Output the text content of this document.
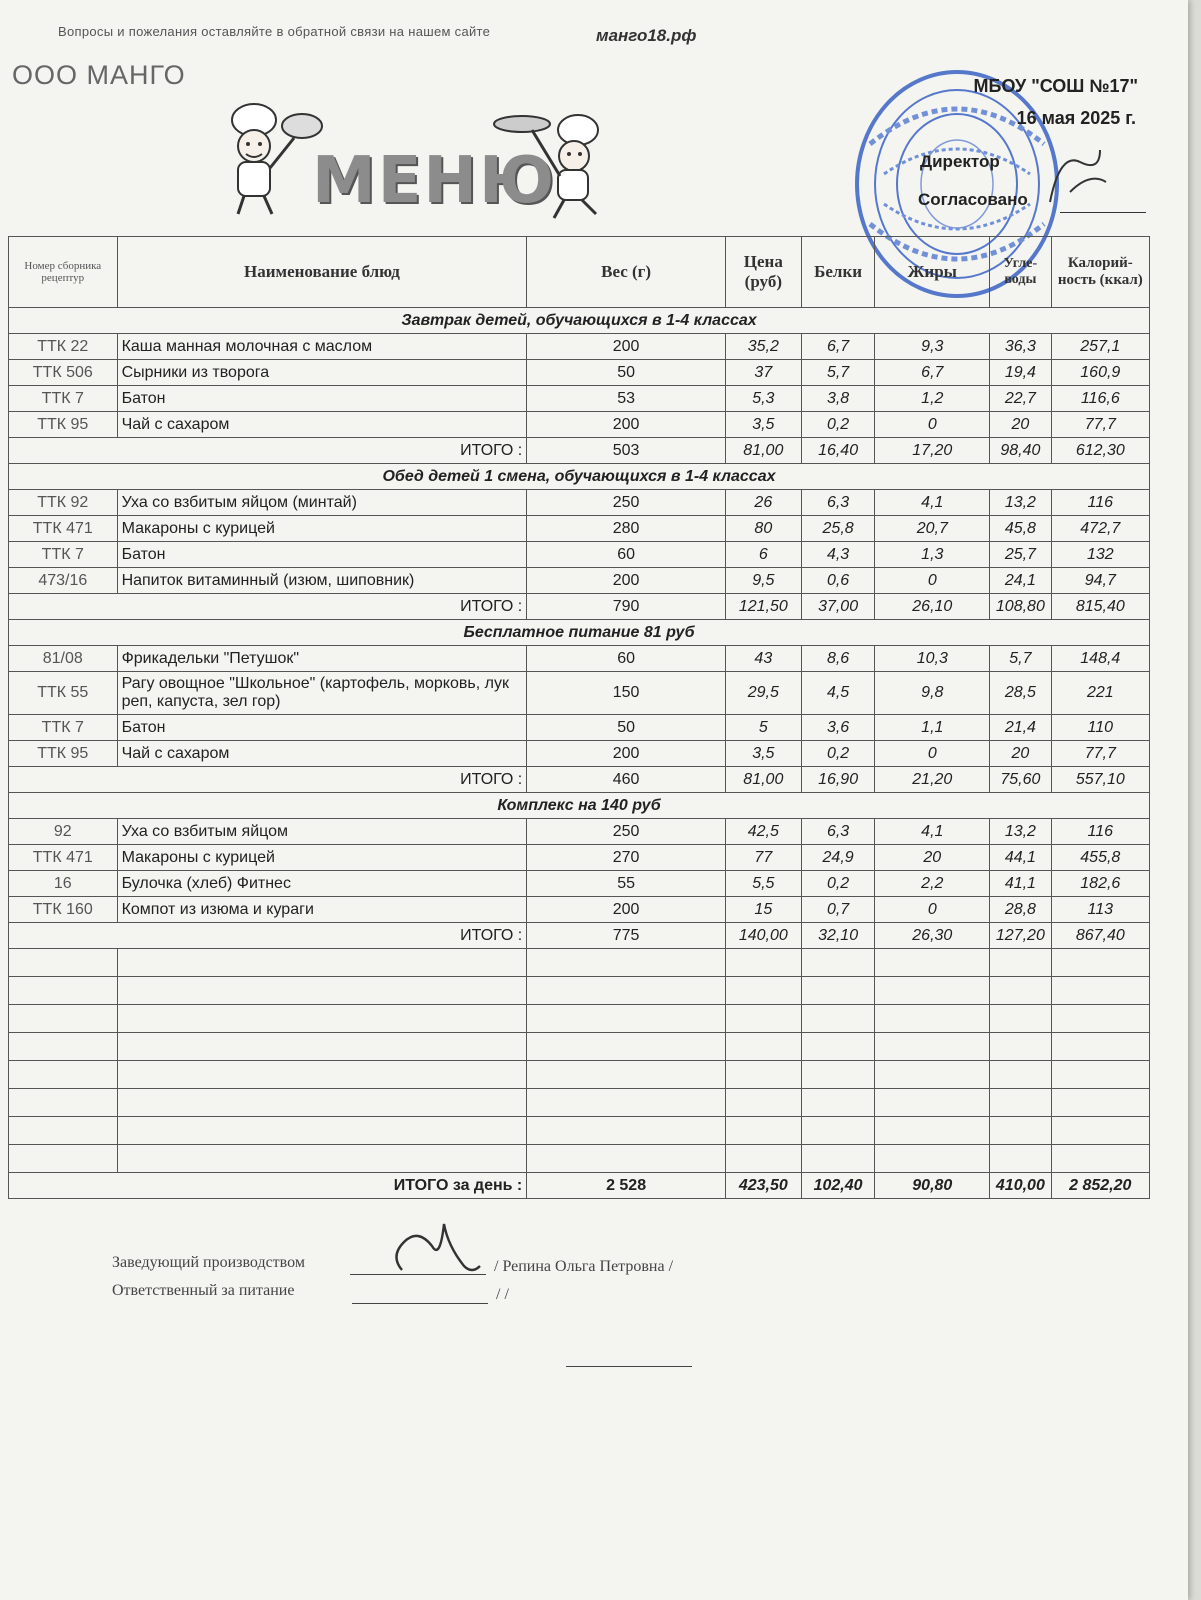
Вопросы и пожелания оставляйте в обратной связи на нашем сайте	манго18.рф
ООО МАНГО
МЕНЮ
МБОУ "СОШ №17"
16 мая 2025 г.
Директор
Согласовано
Номер сборника рецептур	Наименование блюд	Вес (г)	Цена (руб)	Белки	Жиры	Угле-воды	Калорий-ность (ккал)
Завтрак детей, обучающихся в 1-4 классах							
ТТК 22	Каша манная молочная с маслом	200	35,2	6,7	9,3	36,3	257,1
ТТК 506	Сырники из творога	50	37	5,7	6,7	19,4	160,9
ТТК 7	Батон	53	5,3	3,8	1,2	22,7	116,6
ТТК 95	Чай с сахаром	200	3,5	0,2	0	20	77,7
ИТОГО :		503	81,00	16,40	17,20	98,40	612,30
Обед детей 1 смена, обучающихся в 1-4 классах							
ТТК 92	Уха со взбитым яйцом (минтай)	250	26	6,3	4,1	13,2	116
ТТК 471	Макароны с курицей	280	80	25,8	20,7	45,8	472,7
ТТК 7	Батон	60	6	4,3	1,3	25,7	132
473/16	Напиток витаминный (изюм, шиповник)	200	9,5	0,6	0	24,1	94,7
ИТОГО :		790	121,50	37,00	26,10	108,80	815,40
Бесплатное питание 81 руб							
81/08	Фрикадельки "Петушок"	60	43	8,6	10,3	5,7	148,4
ТТК 55	Рагу овощное "Школьное" (картофель, морковь, лук реп, капуста, зел гор)	150	29,5	4,5	9,8	28,5	221
ТТК 7	Батон	50	5	3,6	1,1	21,4	110
ТТК 95	Чай с сахаром	200	3,5	0,2	0	20	77,7
ИТОГО :		460	81,00	16,90	21,20	75,60	557,10
Комплекс на 140 руб							
92	Уха со взбитым яйцом	250	42,5	6,3	4,1	13,2	116
ТТК 471	Макароны с курицей	270	77	24,9	20	44,1	455,8
16	Булочка (хлеб) Фитнес	55	5,5	0,2	2,2	41,1	182,6
ТТК 160	Компот из изюма и кураги	200	15	0,7	0	28,8	113
ИТОГО :		775	140,00	32,10	26,30	127,20	867,40

ИТОГО за день :		2 528	423,50	102,40	90,80	410,00	2 852,20
Заведующий производством	/ Репина Ольга Петровна /
Ответственный за питание	/ /
